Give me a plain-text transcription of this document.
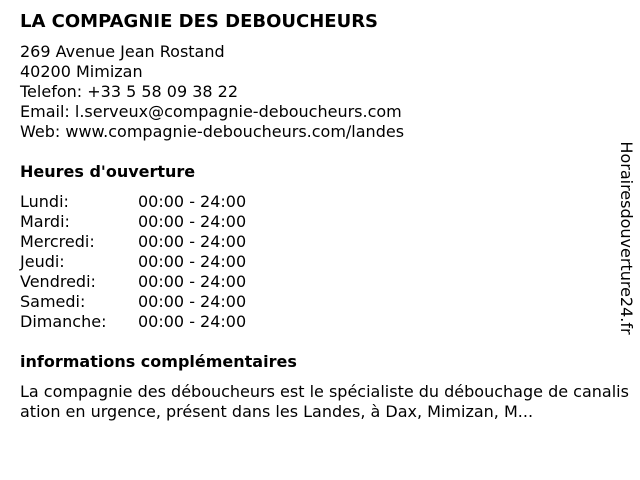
LA COMPAGNIE DES DEBOUCHEURS
269 Avenue Jean Rostand
40200 Mimizan
Telefon: +33 5 58 09 38 22
Email: l.serveux@compagnie-deboucheurs.com
Web: www.compagnie-deboucheurs.com/landes
Heures d'ouverture
Lundi:	00:00 - 24:00
Mardi:	00:00 - 24:00
Mercredi:	00:00 - 24:00
Jeudi:	00:00 - 24:00
Vendredi:	00:00 - 24:00
Samedi:	00:00 - 24:00
Dimanche:	00:00 - 24:00
informations complémentaires
La compagnie des déboucheurs est le spécialiste du débouchage de canalisation en urgence, présent dans les Landes, à Dax, Mimizan, M...
Horairesdouverture24.fr
